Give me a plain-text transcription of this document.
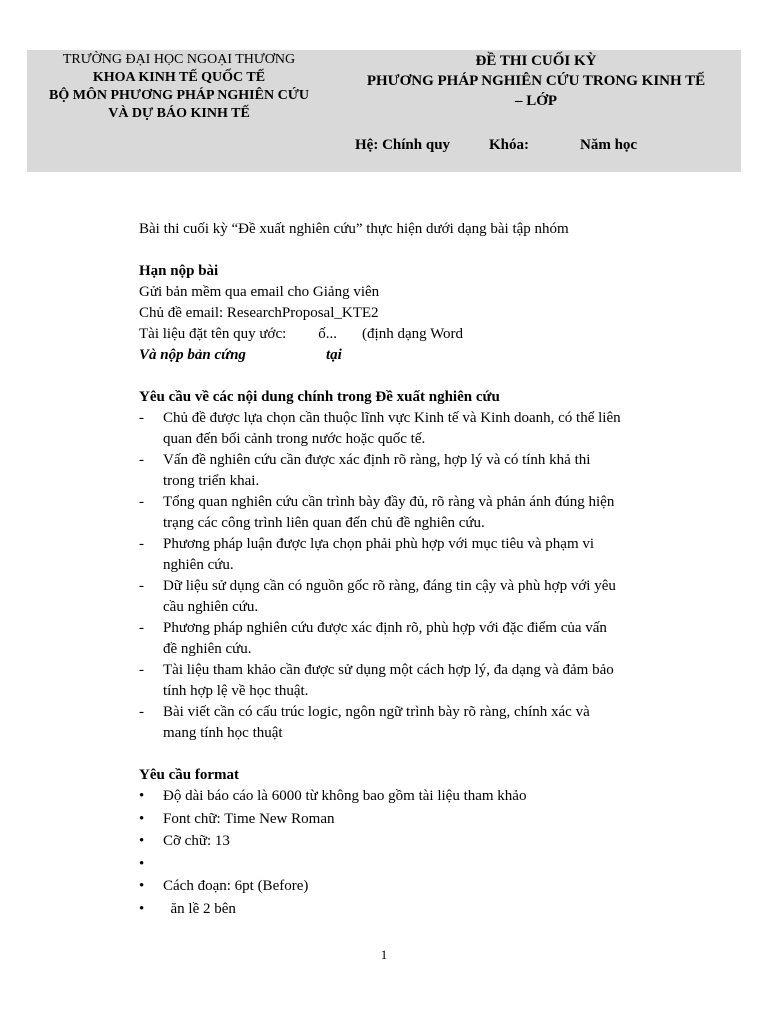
TRƯỜNG ĐẠI HỌC NGOẠI THƯƠNG
KHOA KINH TẾ QUỐC TẾ
BỘ MÔN PHƯƠNG PHÁP NGHIÊN CỨU
VÀ DỰ BÁO KINH TẾ
ĐỀ THI CUỐI KỲ
PHƯƠNG PHÁP NGHIÊN CỨU TRONG KINH TẾ
– LỚP
Hệ: Chính quy	Khóa:	Năm học

Bài thi cuối kỳ “Đề xuất nghiên cứu” thực hiện dưới dạng bài tập nhóm

Hạn nộp bài

Gửi bản mềm qua email cho Giảng viên

Chủ đề email: ResearchProposal_KTE2

Tài liệu đặt tên quy ước: ố... (định dạng Word

Và nộp bản cứng	tại

Yêu cầu về các nội dung chính trong Đề xuất nghiên cứu

- Chủ đề được lựa chọn cần thuộc lĩnh vực Kinh tế và Kinh doanh, có thể liên
quan đến bối cảnh trong nước hoặc quốc tế.
- Vấn đề nghiên cứu cần được xác định rõ ràng, hợp lý và có tính khả thi
trong triển khai.
- Tổng quan nghiên cứu cần trình bày đầy đủ, rõ ràng và phản ánh đúng hiện
trạng các công trình liên quan đến chủ đề nghiên cứu.
- Phương pháp luận được lựa chọn phải phù hợp với mục tiêu và phạm vi
nghiên cứu.
- Dữ liệu sử dụng cần có nguồn gốc rõ ràng, đáng tin cậy và phù hợp với yêu
cầu nghiên cứu.
- Phương pháp nghiên cứu được xác định rõ, phù hợp với đặc điểm của vấn
đề nghiên cứu.
- Tài liệu tham khảo cần được sử dụng một cách hợp lý, đa dạng và đảm bảo
tính hợp lệ về học thuật.
- Bài viết cần có cấu trúc logic, ngôn ngữ trình bày rõ ràng, chính xác và
mang tính học thuật

Yêu cầu format

• Độ dài báo cáo là 6000 từ không bao gồm tài liệu tham khảo
• Font chữ: Time New Roman
• Cỡ chữ: 13
•
• Cách đoạn: 6pt (Before)
• ăn lề 2 bên
1
